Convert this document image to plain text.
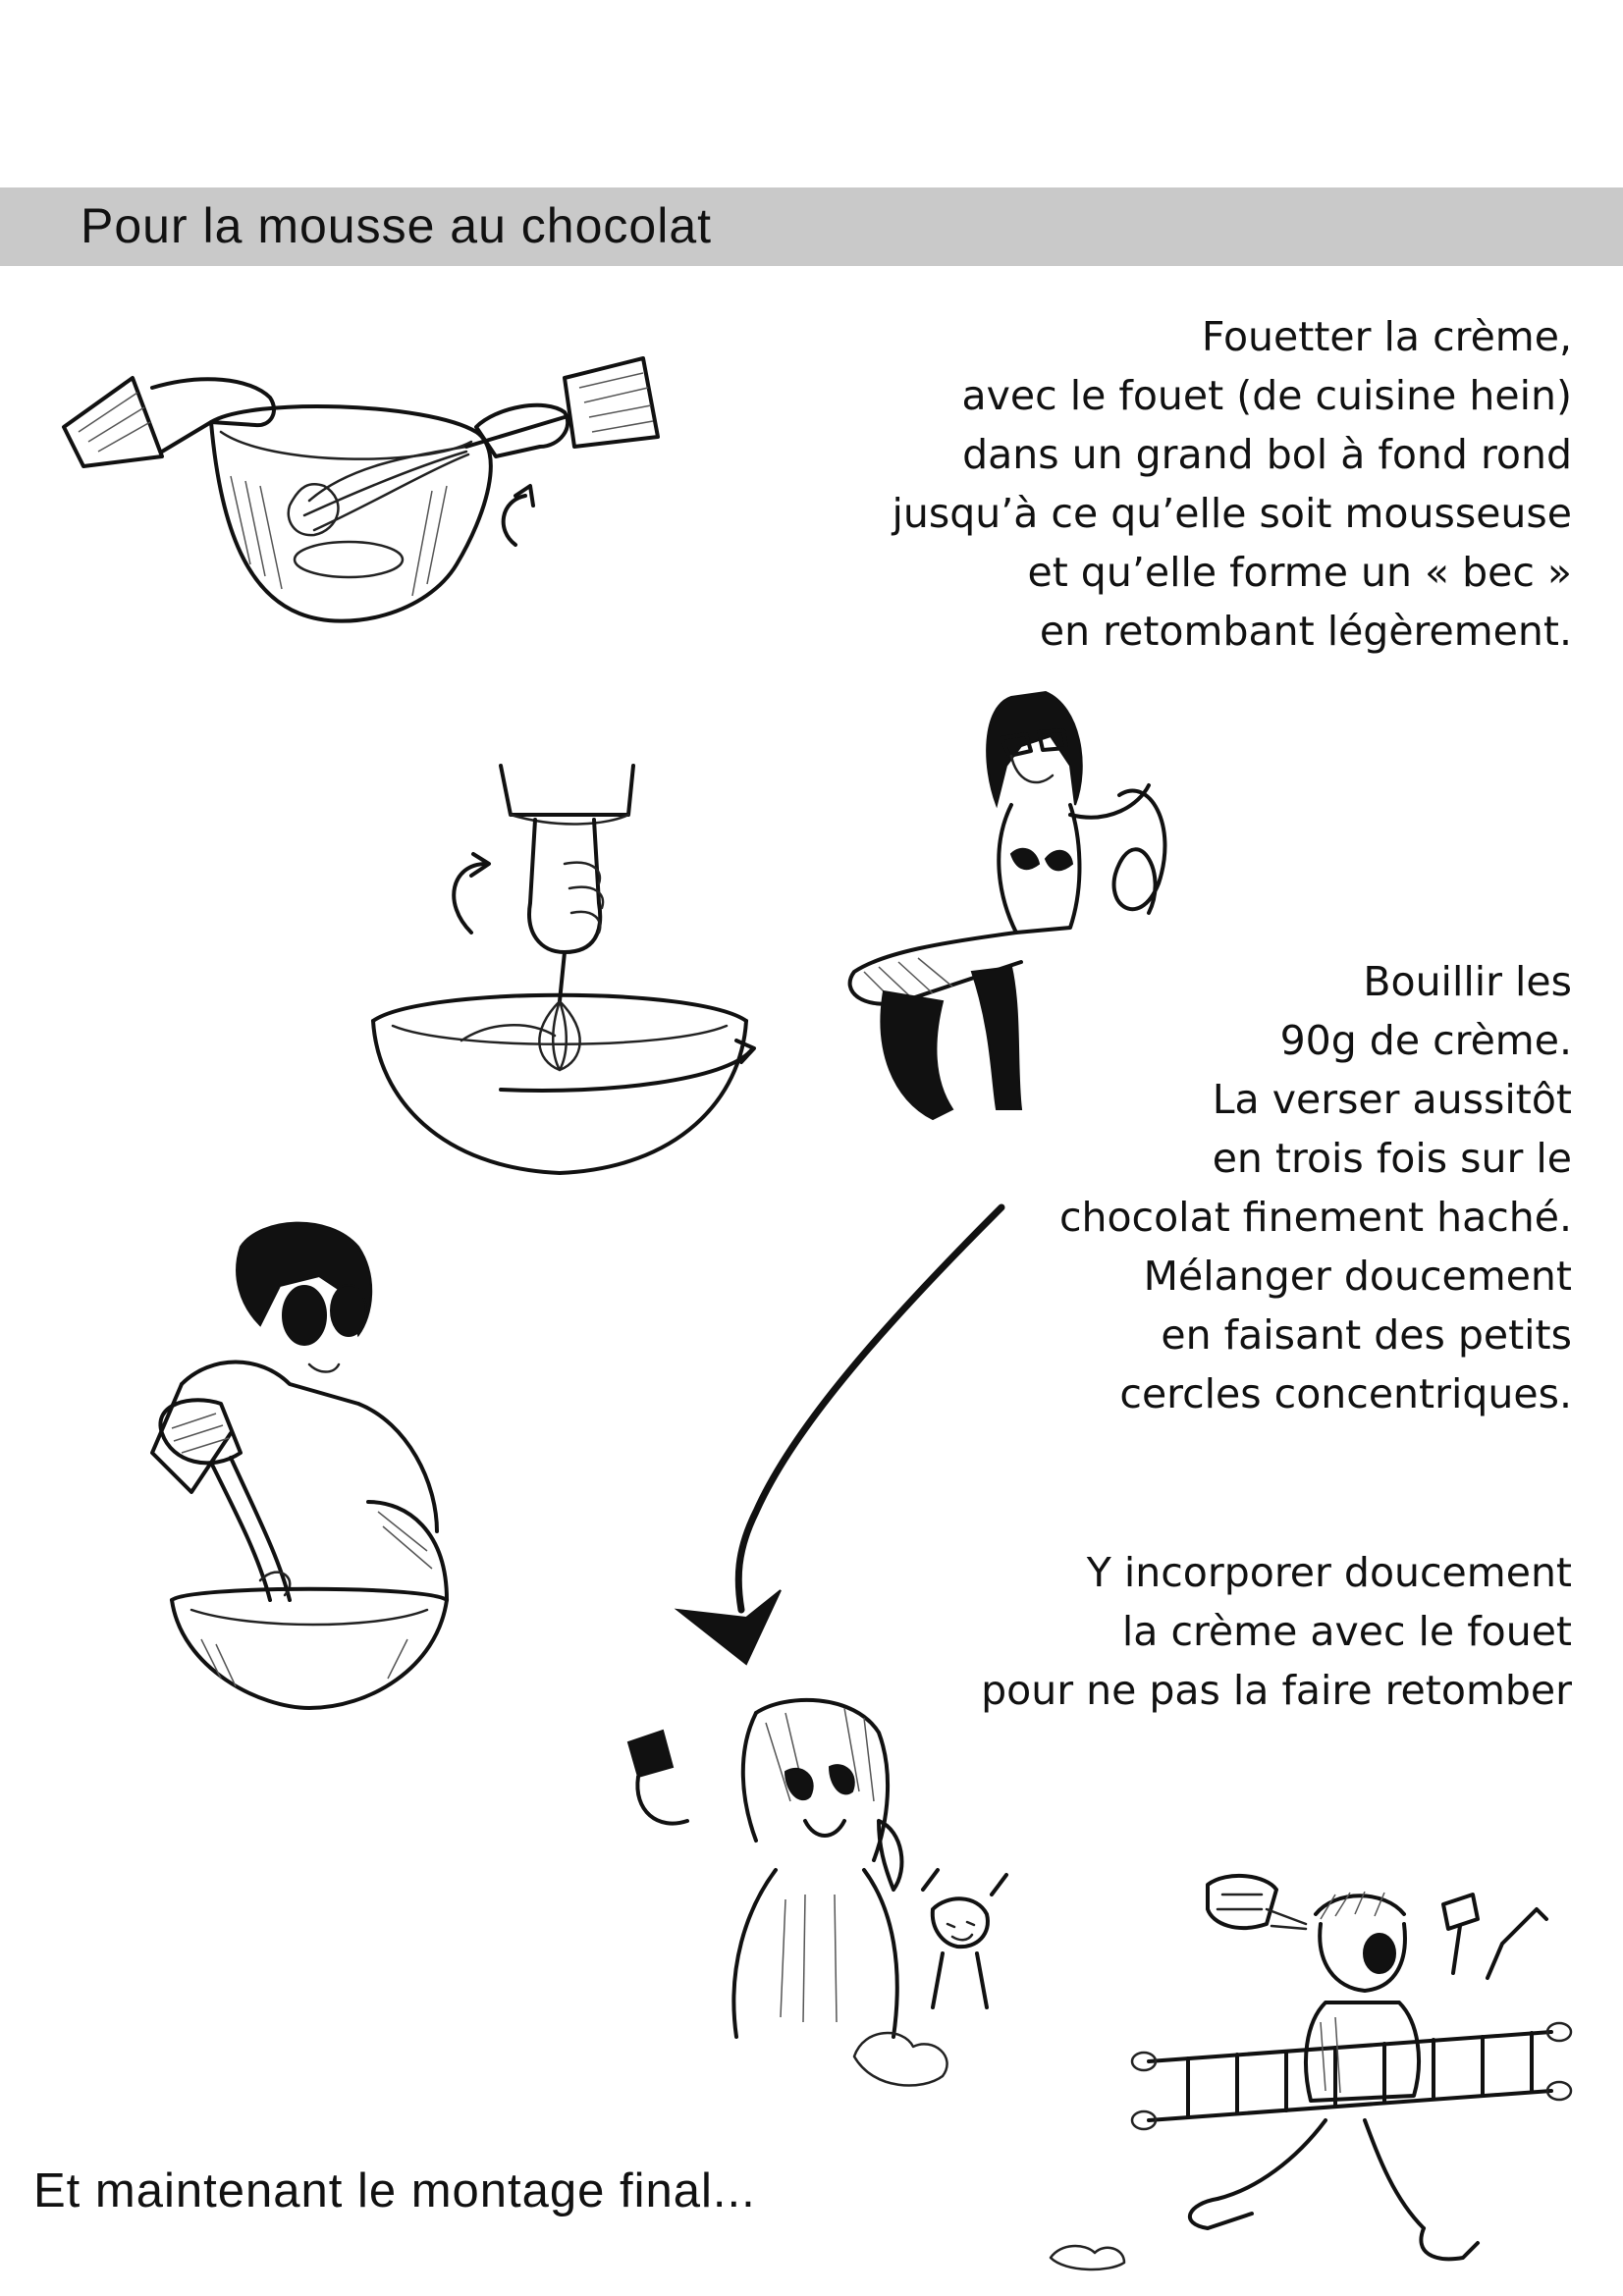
Pour la mousse au chocolat
Fouetter la crème,
avec le fouet (de cuisine hein)
dans un grand bol à fond rond
jusqu’à ce qu’elle soit mousseuse
et qu’elle forme un « bec »
en retombant légèrement.
Bouillir les
90g de crème.
La verser aussitôt
en trois fois sur le
chocolat finement haché.
Mélanger doucement
en faisant des petits
cercles concentriques.
Y incorporer doucement
la crème avec le fouet
pour ne pas la faire retomber
Et maintenant le montage final...
